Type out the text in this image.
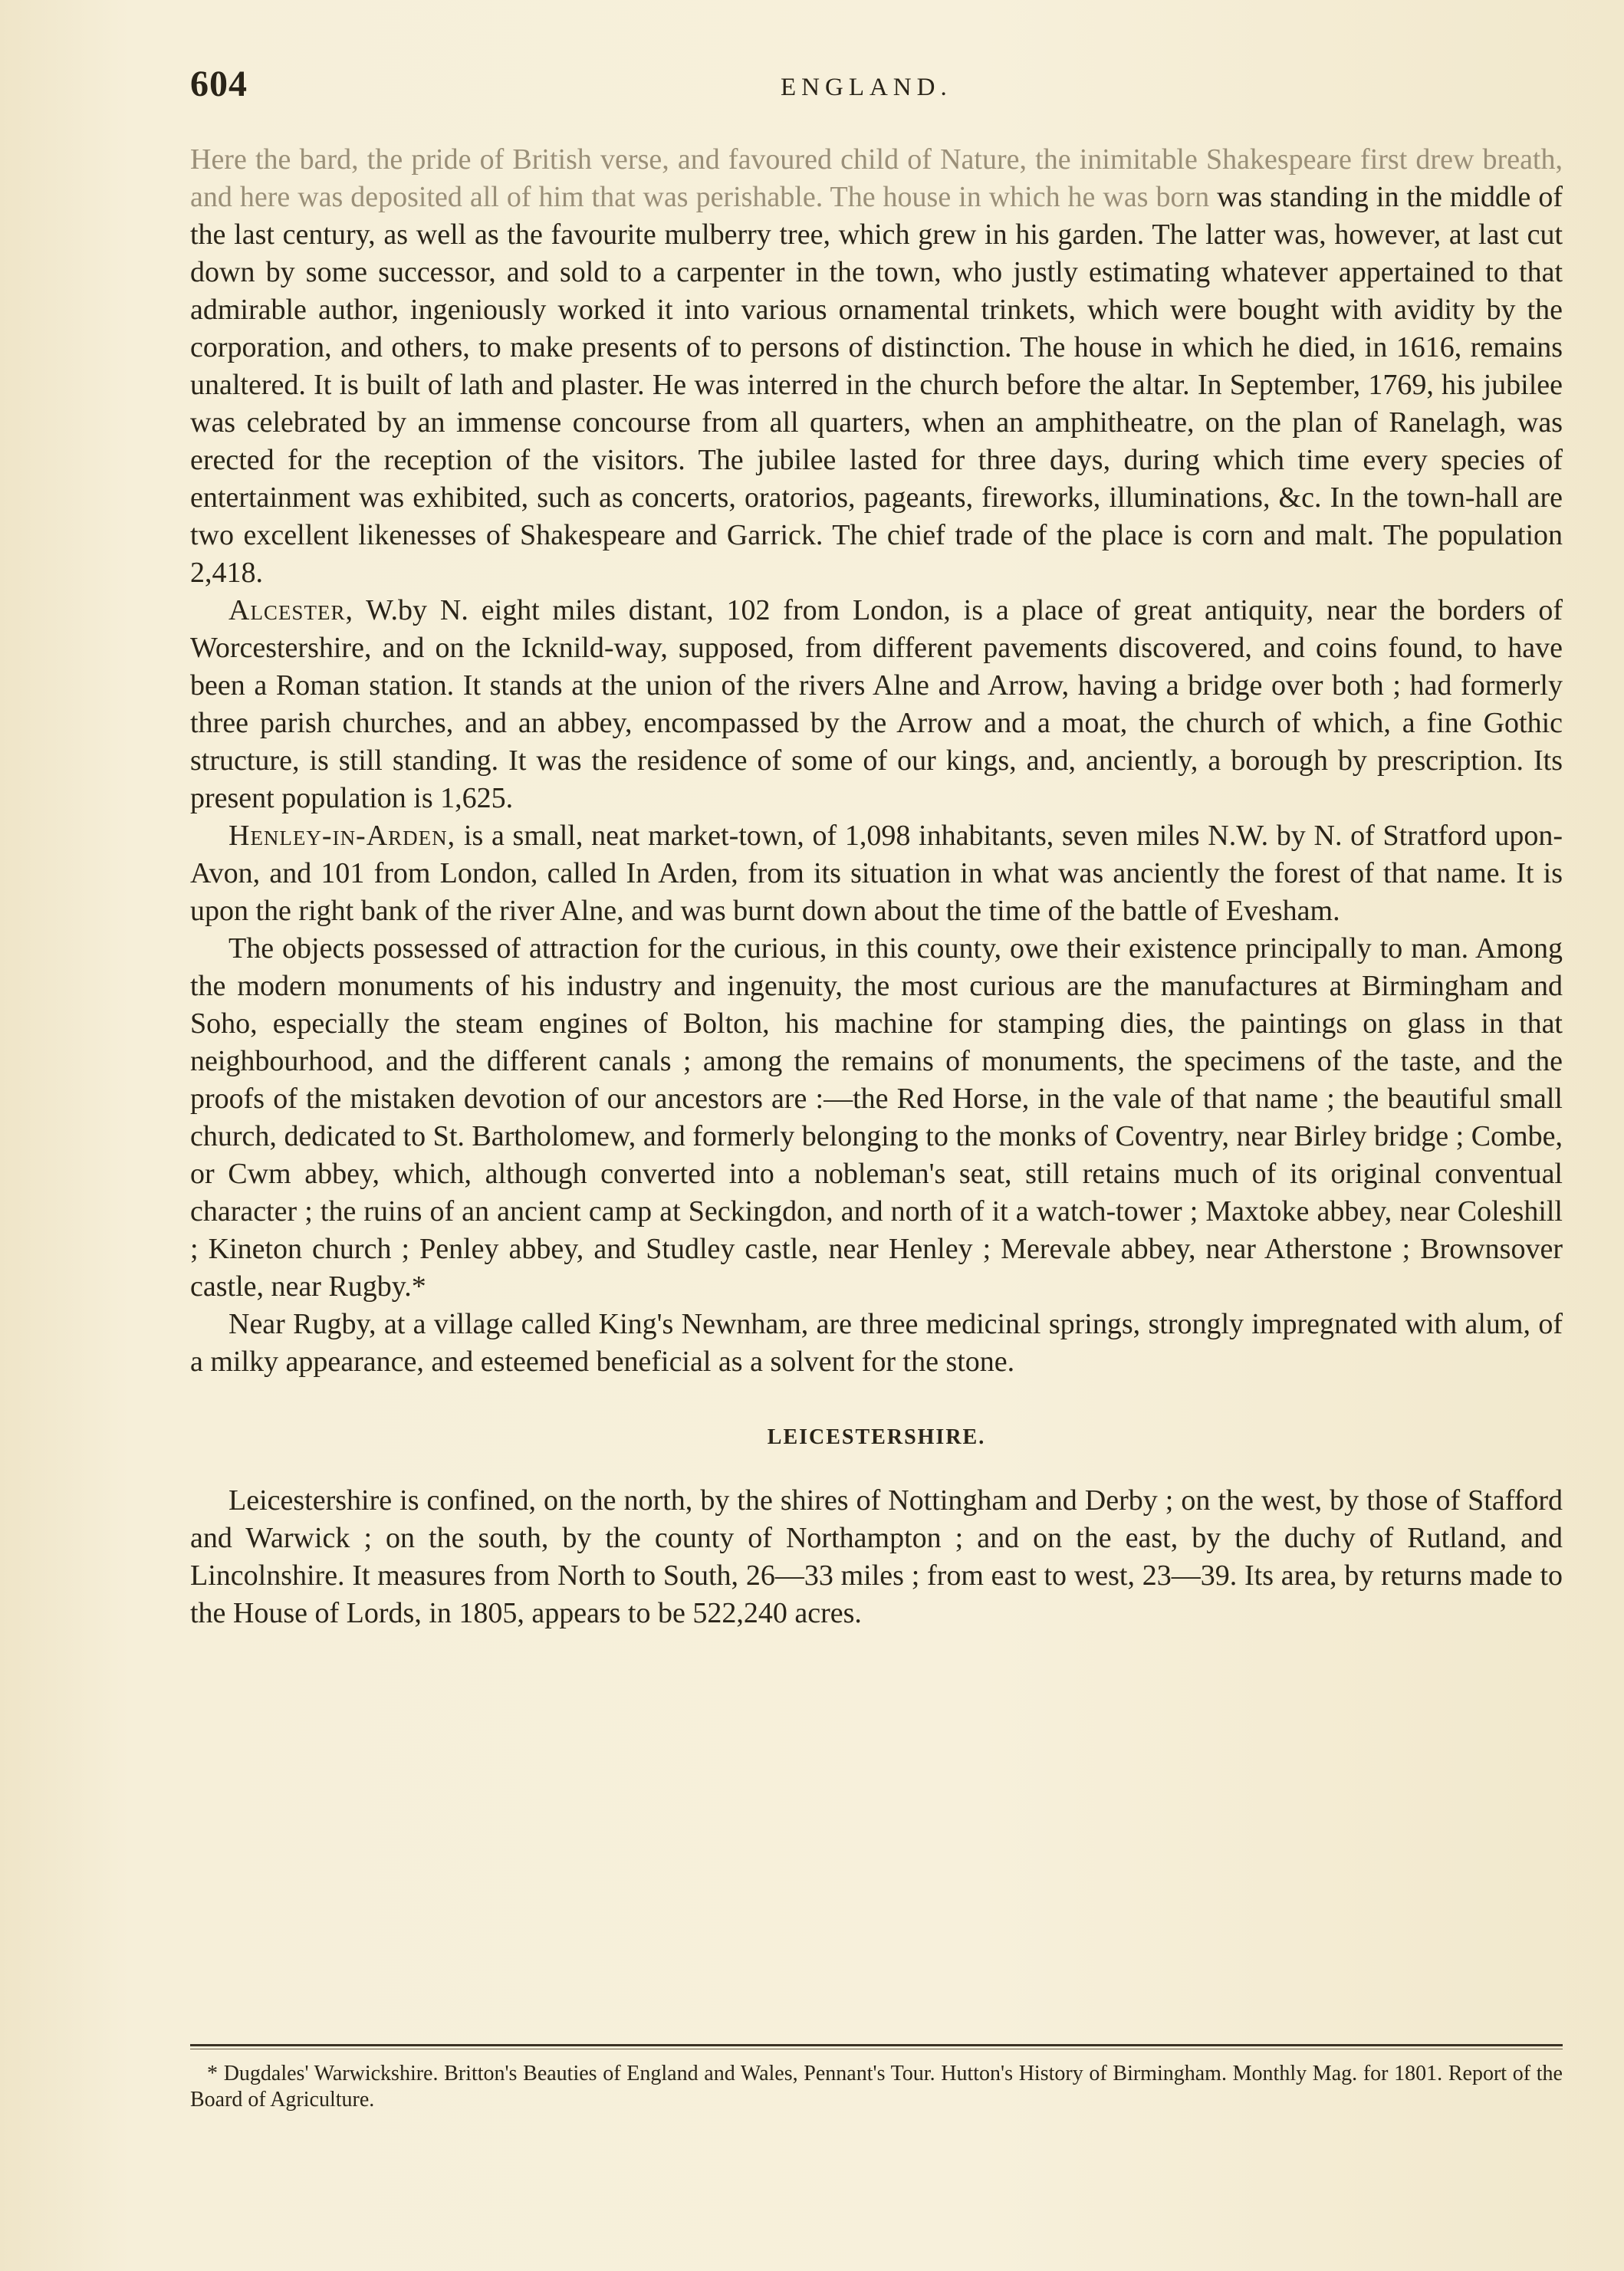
604	ENGLAND.

Here the bard, the pride of British verse, and favoured child of Nature, the inimitable Shakespeare first drew breath, and here was deposited all of him that was perishable. The house in which he was born was standing in the middle of the last century, as well as the favourite mulberry tree, which grew in his garden. The latter was, however, at last cut down by some successor, and sold to a carpenter in the town, who justly estimating whatever appertained to that admirable author, ingeniously worked it into various ornamental trinkets, which were bought with avidity by the corporation, and others, to make presents of to persons of distinction. The house in which he died, in 1616, remains unaltered. It is built of lath and plaster. He was interred in the church before the altar. In September, 1769, his jubilee was celebrated by an immense concourse from all quarters, when an amphitheatre, on the plan of Ranelagh, was erected for the reception of the visitors. The jubilee lasted for three days, during which time every species of entertainment was exhibited, such as concerts, oratorios, pageants, fireworks, illuminations, &c. In the town-hall are two excellent likenesses of Shakespeare and Garrick. The chief trade of the place is corn and malt. The population 2,418.

Alcester, W.by N. eight miles distant, 102 from London, is a place of great antiquity, near the borders of Worcestershire, and on the Icknild-way, supposed, from different pavements discovered, and coins found, to have been a Roman station. It stands at the union of the rivers Alne and Arrow, having a bridge over both ; had formerly three parish churches, and an abbey, encompassed by the Arrow and a moat, the church of which, a fine Gothic structure, is still standing. It was the residence of some of our kings, and, anciently, a borough by prescription. Its present population is 1,625.

Henley-in-Arden, is a small, neat market-town, of 1,098 inhabitants, seven miles N.W. by N. of Stratford upon-Avon, and 101 from London, called In Arden, from its situation in what was anciently the forest of that name. It is upon the right bank of the river Alne, and was burnt down about the time of the battle of Evesham.

The objects possessed of attraction for the curious, in this county, owe their existence principally to man. Among the modern monuments of his industry and ingenuity, the most curious are the manufactures at Birmingham and Soho, especially the steam engines of Bolton, his machine for stamping dies, the paintings on glass in that neighbourhood, and the different canals ; among the remains of monuments, the specimens of the taste, and the proofs of the mistaken devotion of our ancestors are :—the Red Horse, in the vale of that name ; the beautiful small church, dedicated to St. Bartholomew, and formerly belonging to the monks of Coventry, near Birley bridge ; Combe, or Cwm abbey, which, although converted into a nobleman's seat, still retains much of its original conventual character ; the ruins of an ancient camp at Seckingdon, and north of it a watch-tower ; Maxtoke abbey, near Coleshill ; Kineton church ; Penley abbey, and Studley castle, near Henley ; Merevale abbey, near Atherstone ; Brownsover castle, near Rugby.*

Near Rugby, at a village called King's Newnham, are three medicinal springs, strongly impregnated with alum, of a milky appearance, and esteemed beneficial as a solvent for the stone.

LEICESTERSHIRE.

Leicestershire is confined, on the north, by the shires of Nottingham and Derby ; on the west, by those of Stafford and Warwick ; on the south, by the county of Northampton ; and on the east, by the duchy of Rutland, and Lincolnshire. It measures from North to South, 26—33 miles ; from east to west, 23—39. Its area, by returns made to the House of Lords, in 1805, appears to be 522,240 acres.

* Dugdales' Warwickshire. Britton's Beauties of England and Wales, Pennant's Tour. Hutton's History of Birmingham. Monthly Mag. for 1801. Report of the Board of Agriculture.
